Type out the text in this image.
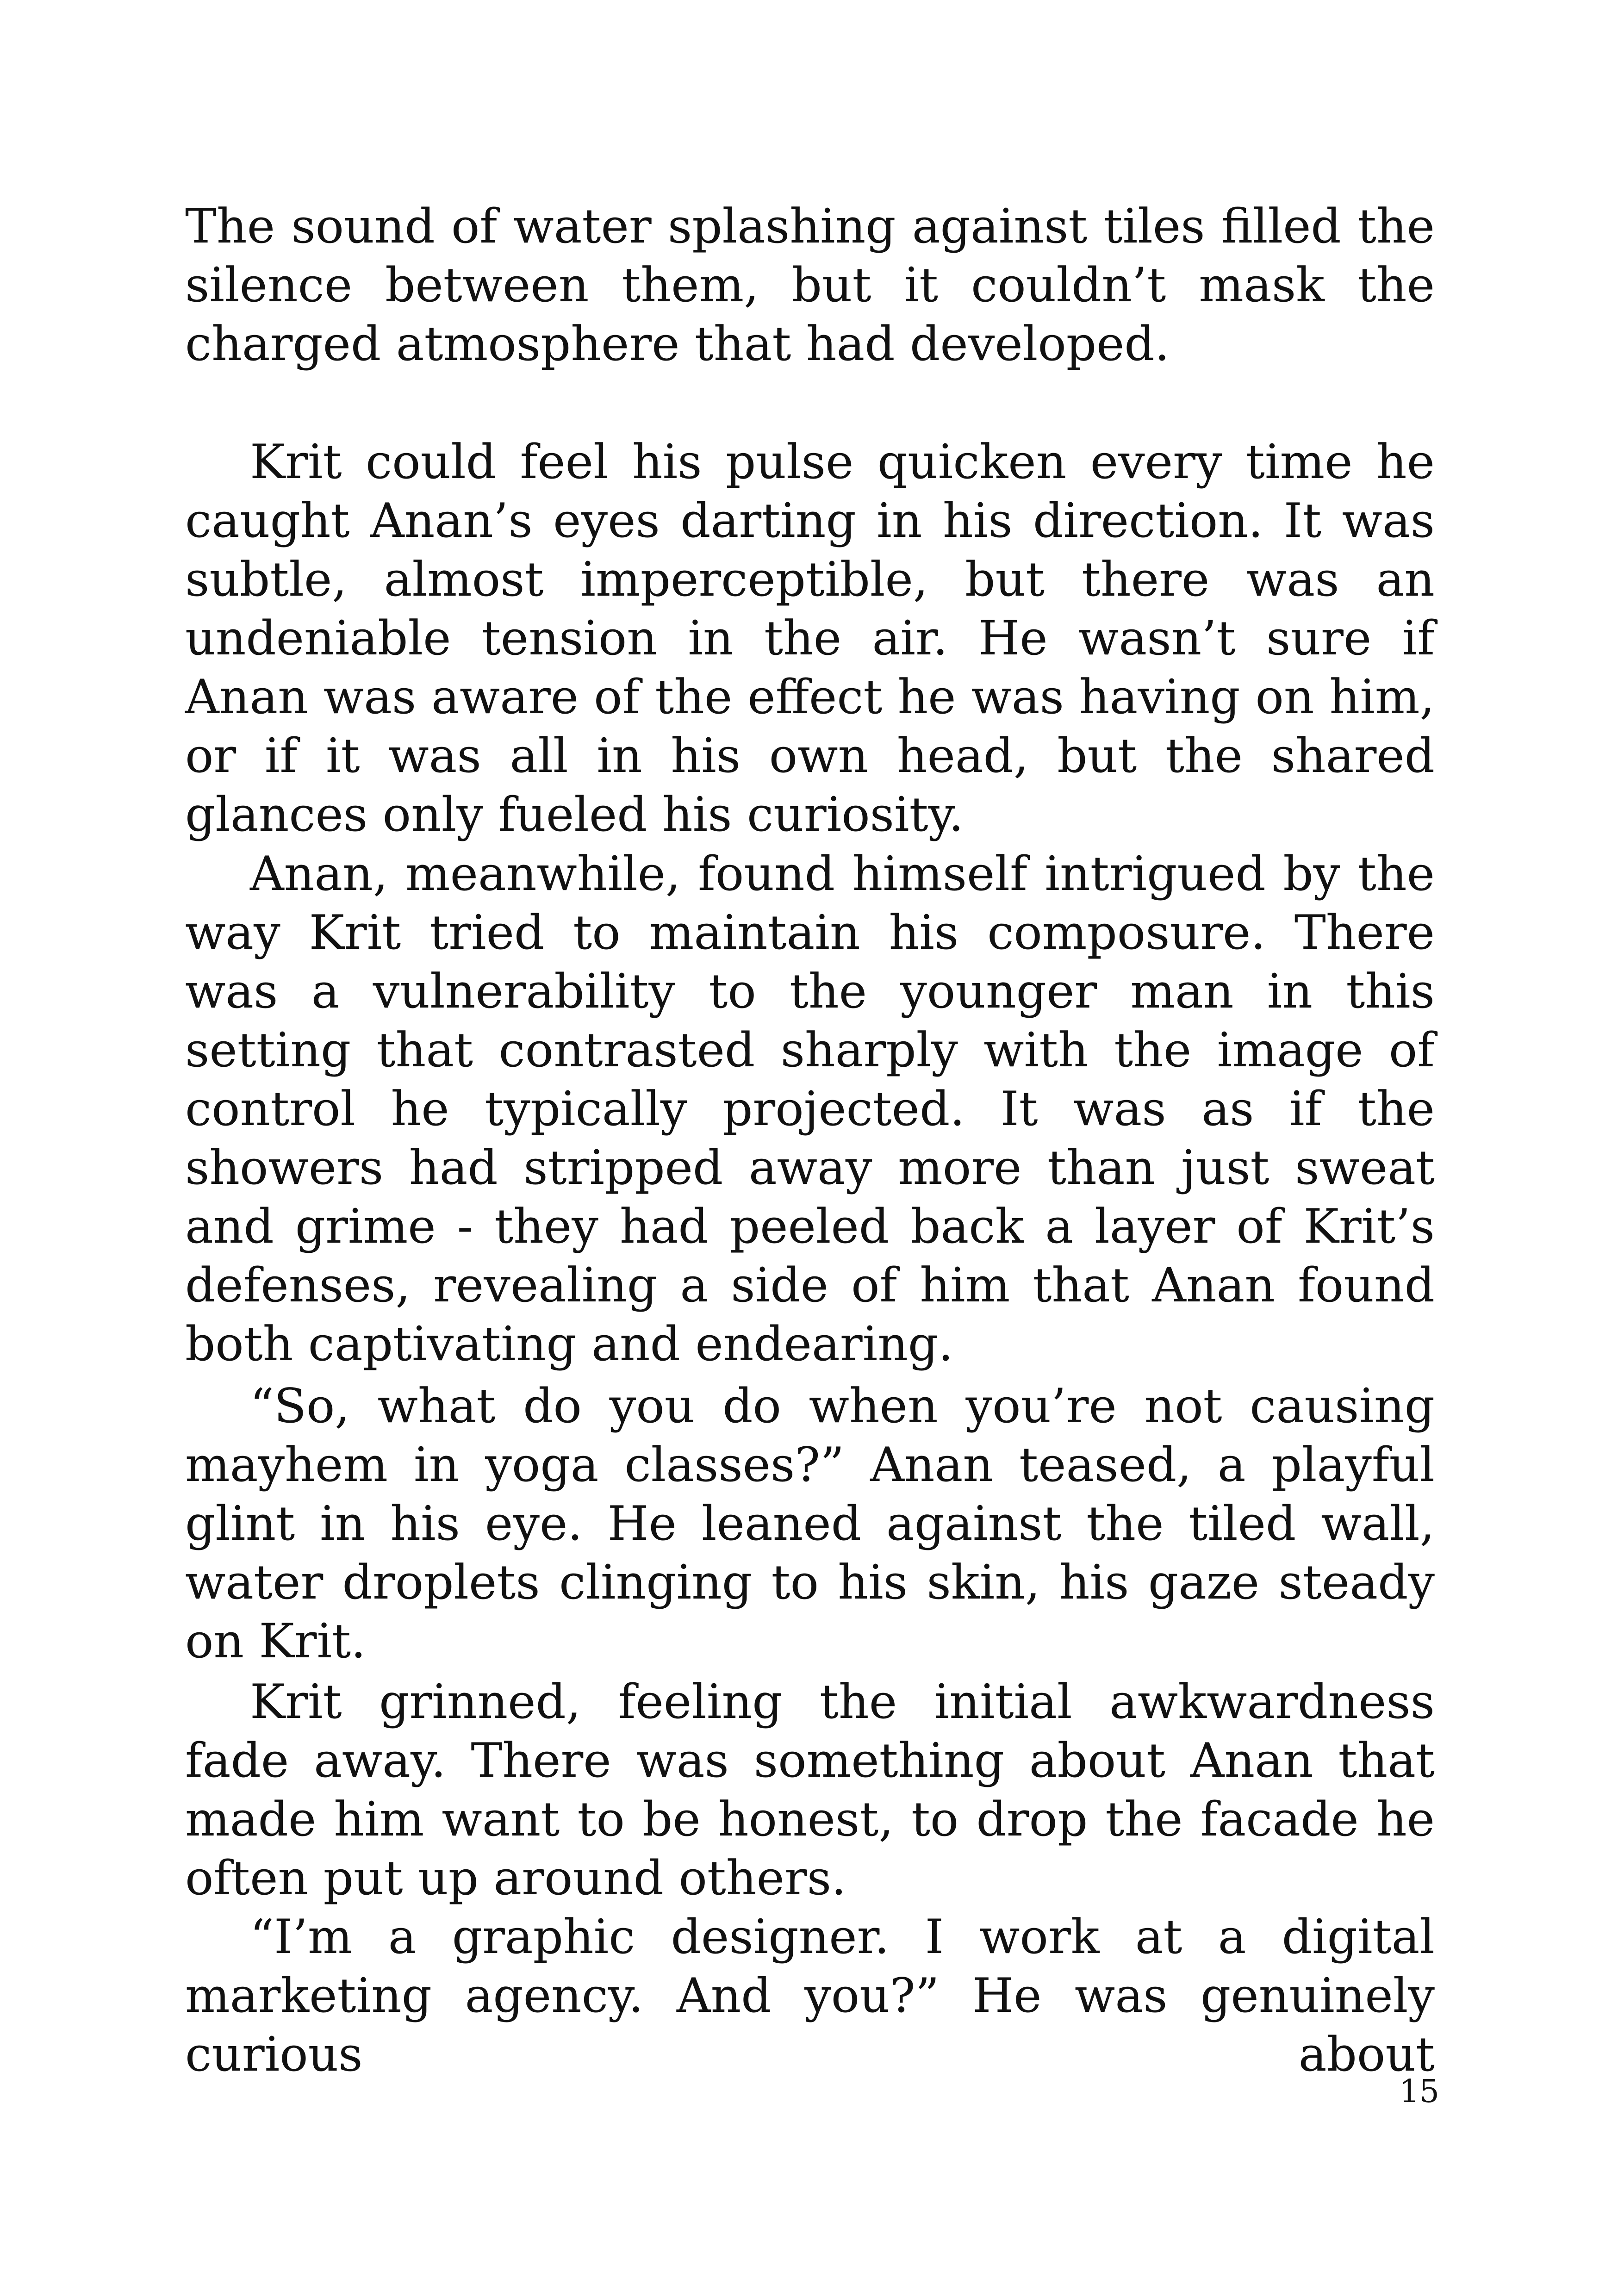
The sound of water splashing against tiles filled the silence between them, but it couldn’t mask the charged atmosphere that had developed.

Krit could feel his pulse quicken every time he caught Anan’s eyes darting in his direction. It was subtle, almost imperceptible, but there was an undeniable tension in the air. He wasn’t sure if Anan was aware of the effect he was having on him, or if it was all in his own head, but the shared glances only fueled his curiosity.

Anan, meanwhile, found himself intrigued by the way Krit tried to maintain his composure. There was a vulnerability to the younger man in this setting that contrasted sharply with the image of control he typically projected. It was as if the showers had stripped away more than just sweat and grime - they had peeled back a layer of Krit’s defenses, revealing a side of him that Anan found both captivating and endearing.

“So, what do you do when you’re not causing mayhem in yoga classes?” Anan teased, a playful glint in his eye. He leaned against the tiled wall, water droplets clinging to his skin, his gaze steady on Krit.

Krit grinned, feeling the initial awkwardness fade away. There was something about Anan that made him want to be honest, to drop the facade he often put up around others.

“I’m a graphic designer. I work at a digital marketing agency. And you?” He was genuinely curious about

15
